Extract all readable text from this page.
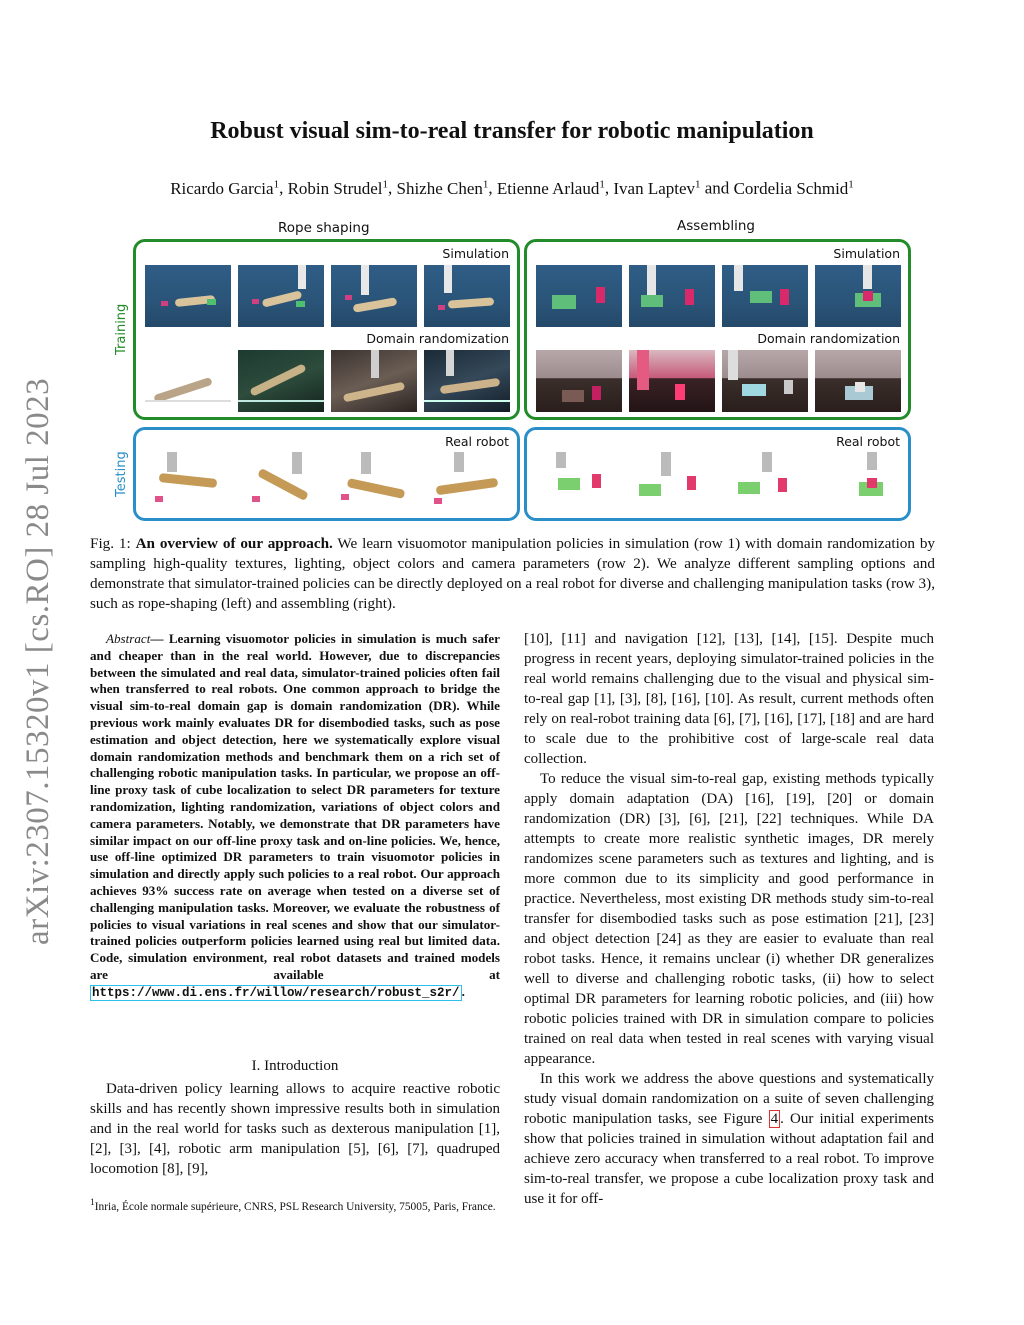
arXiv:2307.15320v1 [cs.RO] 28 Jul 2023
Robust visual sim-to-real transfer for robotic manipulation
Ricardo Garcia$^1$, Robin Strudel$^1$, Shizhe Chen$^1$, Etienne Arlaud$^1$, Ivan Laptev$^1$ and Cordelia Schmid$^1$
Rope shaping	Assembling
Training
Testing
Simulation
Domain randomization
Simulation
Domain randomization
Real robot	Real robot
Fig. 1: An overview of our approach. We learn visuomotor manipulation policies in simulation (row 1) with domain randomization by sampling high-quality textures, lighting, object colors and camera parameters (row 2). We analyze different sampling options and demonstrate that simulator-trained policies can be directly deployed on a real robot for diverse and challenging manipulation tasks (row 3), such as rope-shaping (left) and assembling (right).
Abstract— Learning visuomotor policies in simulation is much safer and cheaper than in the real world. However, due to discrepancies between the simulated and real data, simulator-trained policies often fail when transferred to real robots. One common approach to bridge the visual sim-to-real domain gap is domain randomization (DR). While previous work mainly evaluates DR for disembodied tasks, such as pose estimation and object detection, here we systematically explore visual domain randomization methods and benchmark them on a rich set of challenging robotic manipulation tasks. In particular, we propose an off-line proxy task of cube localization to select DR parameters for texture randomization, lighting randomization, variations of object colors and camera parameters. Notably, we demonstrate that DR parameters have similar impact on our off-line proxy task and on-line policies. We, hence, use off-line optimized DR parameters to train visuomotor policies in simulation and directly apply such policies to a real robot. Our approach achieves 93% success rate on average when tested on a diverse set of challenging manipulation tasks. Moreover, we evaluate the robustness of policies to visual variations in real scenes and show that our simulator-trained policies outperform policies learned using real but limited data. Code, simulation environment, real robot datasets and trained models are available at https://www.di.ens.fr/willow/research/robust_s2r/ .
I. Introduction
Data-driven policy learning allows to acquire reactive robotic skills and has recently shown impressive results both in simulation and in the real world for tasks such as dexterous manipulation [1], [2], [3], [4], robotic arm manipulation [5], [6], [7], quadruped locomotion [8], [9],
$^1$Inria, École normale supérieure, CNRS, PSL Research University, 75005, Paris, France.

[10], [11] and navigation [12], [13], [14], [15]. Despite much progress in recent years, deploying simulator-trained policies in the real world remains challenging due to the visual and physical sim-to-real gap [1], [3], [8], [16], [10]. As result, current methods often rely on real-robot training data [6], [7], [16], [17], [18] and are hard to scale due to the prohibitive cost of large-scale real data collection.

To reduce the visual sim-to-real gap, existing methods typically apply domain adaptation (DA) [16], [19], [20] or domain randomization (DR) [3], [6], [21], [22] techniques. While DA attempts to create more realistic synthetic images, DR merely randomizes scene parameters such as textures and lighting, and is more common due to its simplicity and good performance in practice. Nevertheless, most existing DR methods study sim-to-real transfer for disembodied tasks such as pose estimation [21], [23] and object detection [24] as they are easier to evaluate than real robot tasks. Hence, it remains unclear (i) whether DR generalizes well to diverse and challenging robotic tasks, (ii) how to select optimal DR parameters for learning robotic policies, and (iii) how robotic policies trained with DR in simulation compare to policies trained on real data when tested in real scenes with varying visual appearance.

In this work we address the above questions and systematically study visual domain randomization on a suite of seven challenging robotic manipulation tasks, see Figure 4 . Our initial experiments show that policies trained in simulation without adaptation fail and achieve zero accuracy when transferred to a real robot. To improve sim-to-real transfer, we propose a cube localization proxy task and use it for off-
